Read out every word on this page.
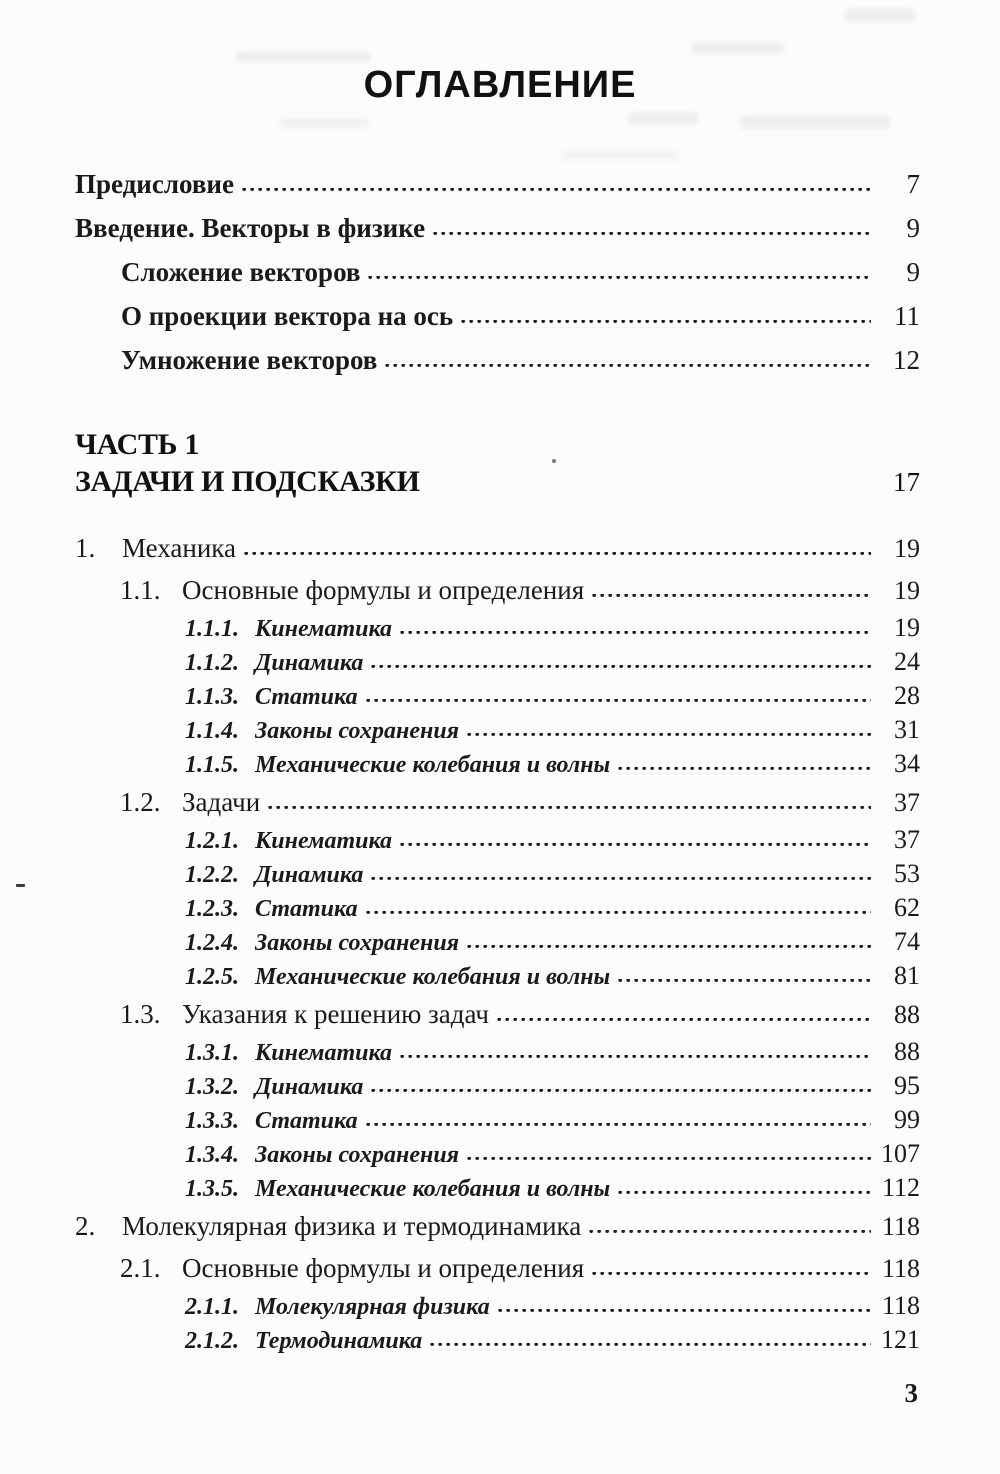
ОГЛАВЛЕНИЕ
Предисловие	7
Введение. Векторы в физике	9
Сложение векторов	9
О проекции вектора на ось	11
Умножение векторов	12
ЧАСТЬ 1
ЗАДАЧИ И ПОДСКАЗКИ	17
1. Механика	19
1.1. Основные формулы и определения	19
1.1.1. Кинематика	19
1.1.2. Динамика	24
1.1.3. Статика	28
1.1.4. Законы сохранения	31
1.1.5. Механические колебания и волны	34
1.2. Задачи	37
1.2.1. Кинематика	37
1.2.2. Динамика	53
1.2.3. Статика	62
1.2.4. Законы сохранения	74
1.2.5. Механические колебания и волны	81
1.3. Указания к решению задач	88
1.3.1. Кинематика	88
1.3.2. Динамика	95
1.3.3. Статика	99
1.3.4. Законы сохранения	107
1.3.5. Механические колебания и волны	112
2. Молекулярная физика и термодинамика	118
2.1. Основные формулы и определения	118
2.1.1. Молекулярная физика	118
2.1.2. Термодинамика	121
3
